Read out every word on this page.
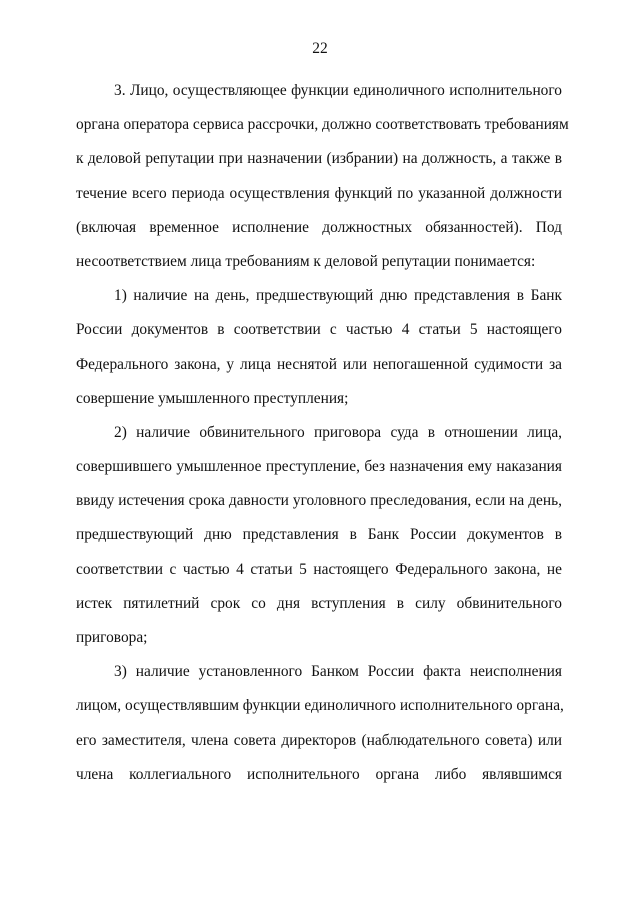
22
3. Лицо, осуществляющее функции единоличного исполнительного
органа оператора сервиса рассрочки, должно соответствовать требованиям
к деловой репутации при назначении (избрании) на должность, а также в
течение всего периода осуществления функций по указанной должности
(включая временное исполнение должностных обязанностей). Под
несоответствием лица требованиям к деловой репутации понимается:
1) наличие на день, предшествующий дню представления в Банк
России документов в соответствии с частью 4 статьи 5 настоящего
Федерального закона, у лица неснятой или непогашенной судимости за
совершение умышленного преступления;
2) наличие обвинительного приговора суда в отношении лица,
совершившего умышленное преступление, без назначения ему наказания
ввиду истечения срока давности уголовного преследования, если на день,
предшествующий дню представления в Банк России документов в
соответствии с частью 4 статьи 5 настоящего Федерального закона, не
истек пятилетний срок со дня вступления в силу обвинительного
приговора;
3) наличие установленного Банком России факта неисполнения
лицом, осуществлявшим функции единоличного исполнительного органа,
его заместителя, члена совета директоров (наблюдательного совета) или
члена коллегиального исполнительного органа либо являвшимся
